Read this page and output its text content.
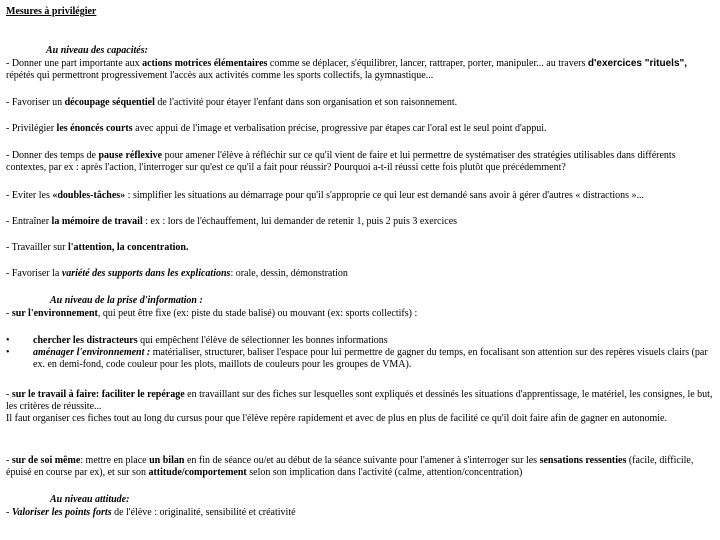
Mesures à privilégier
Au niveau des capacités:

- Donner une part importante aux actions motrices élémentaires comme se déplacer, s'équilibrer, lancer, rattraper, porter, manipuler... au travers d'exercices "rituels", répétés qui permettront progressivement l'accès aux activités comme les sports collectifs, la gymnastique...

- Favoriser un découpage séquentiel de l'activité pour étayer l'enfant dans son organisation et son raisonnement.

- Privilégier les énoncés courts avec appui de l'image et verbalisation précise, progressive par étapes car l'oral est le seul point d'appui.

- Donner des temps de pause réflexive pour amener l'élève à réfléchir sur ce qu'il vient de faire et lui permettre de systématiser des stratégies utilisables dans différents contextes, par ex : après l'action, l'interroger sur qu'est ce qu'il a fait pour réussir? Pourquoi a-t-il réussi cette fois plutôt que précédemment?

- Eviter les «doubles-tâches» : simplifier les situations au démarrage pour qu'il s'approprie ce qui leur est demandé sans avoir à gérer d'autres « distractions »...

- Entraîner la mémoire de travail : ex : lors de l'échauffement, lui demander de retenir 1, puis 2 puis 3 exercices

- Travailler sur l'attention, la concentration.

- Favoriser la variété des supports dans les explications: orale, dessin, démonstration

Au niveau de la prise d'information :

- sur l'environnement, qui peut être fixe (ex: piste du stade balisé) ou mouvant (ex: sports collectifs) :

• chercher les distracteurs qui empêchent l'élève de sélectionner les bonnes informations
• aménager l'environnement : matérialiser, structurer, baliser l'espace pour lui permettre de gagner du temps, en focalisant son attention sur des repères visuels clairs (par ex. en demi-fond, code couleur pour les plots, maillots de couleurs pour les groupes de VMA).

- sur le travail à faire: faciliter le repérage en travaillant sur des fiches sur lesquelles sont expliqués et dessinés les situations d'apprentissage, le matériel, les consignes, le but, les critères de réussite...
Il faut organiser ces fiches tout au long du cursus pour que l'élève repère rapidement et avec de plus en plus de facilité ce qu'il doit faire afin de gagner en autonomie.

- sur de soi même: mettre en place un bilan en fin de séance ou/et au début de la séance suivante pour l'amener à s'interroger sur les sensations ressenties (facile, difficile, épuisé en course par ex), et sur son attitude/comportement selon son implication dans l'activité (calme, attention/concentration)

Au niveau attitude:

- Valoriser les points forts de l'élève : originalité, sensibilité et créativité
